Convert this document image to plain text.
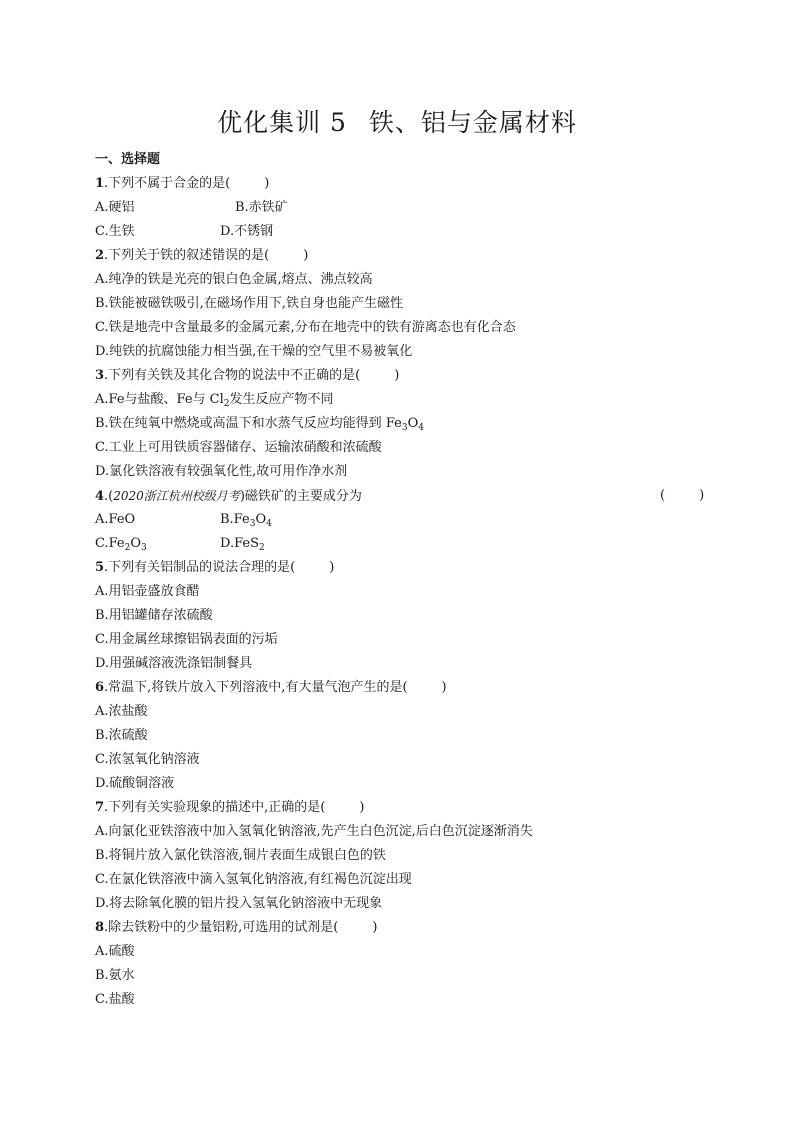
优化集训 5 铁、铝与金属材料
一、选择题
1.下列不属于合金的是(	)
A.硬铝	B.赤铁矿
C.生铁	D.不锈钢
2.下列关于铁的叙述错误的是(	)
A.纯净的铁是光亮的银白色金属,熔点、沸点较高
B.铁能被磁铁吸引,在磁场作用下,铁自身也能产生磁性
C.铁是地壳中含量最多的金属元素,分布在地壳中的铁有游离态也有化合态
D.纯铁的抗腐蚀能力相当强,在干燥的空气里不易被氧化
3.下列有关铁及其化合物的说法中不正确的是(	)
A.Fe与盐酸、Fe与 $Cl_2$发生反应产物不同
B.铁在纯氧中燃烧或高温下和水蒸气反应均能得到 $Fe_3O_4$
C.工业上可用铁质容器储存、运输浓硝酸和浓硫酸
D.氯化铁溶液有较强氧化性,故可用作净水剂
4.(2020浙江杭州校级月考)磁铁矿的主要成分为	(	)
A.FeO	$B.Fe_3O_4$
$C.Fe_2O_3$	D.FeS$_2$
5.下列有关铝制品的说法合理的是(	)
A.用铝壶盛放食醋
B.用铝罐储存浓硫酸
C.用金属丝球擦铝锅表面的污垢
D.用强碱溶液洗涤铝制餐具
6.常温下,将铁片放入下列溶液中,有大量气泡产生的是(	)
A.浓盐酸
B.浓硫酸
C.浓氢氧化钠溶液
D.硫酸铜溶液
7.下列有关实验现象的描述中,正确的是(	)
A.向氯化亚铁溶液中加入氢氧化钠溶液,先产生白色沉淀,后白色沉淀逐渐消失
B.将铜片放入氯化铁溶液,铜片表面生成银白色的铁
C.在氯化铁溶液中滴入氢氧化钠溶液,有红褐色沉淀出现
D.将去除氧化膜的铝片投入氢氧化钠溶液中无现象
8.除去铁粉中的少量铝粉,可选用的试剂是(	)
A.硫酸
B.氨水
C.盐酸
